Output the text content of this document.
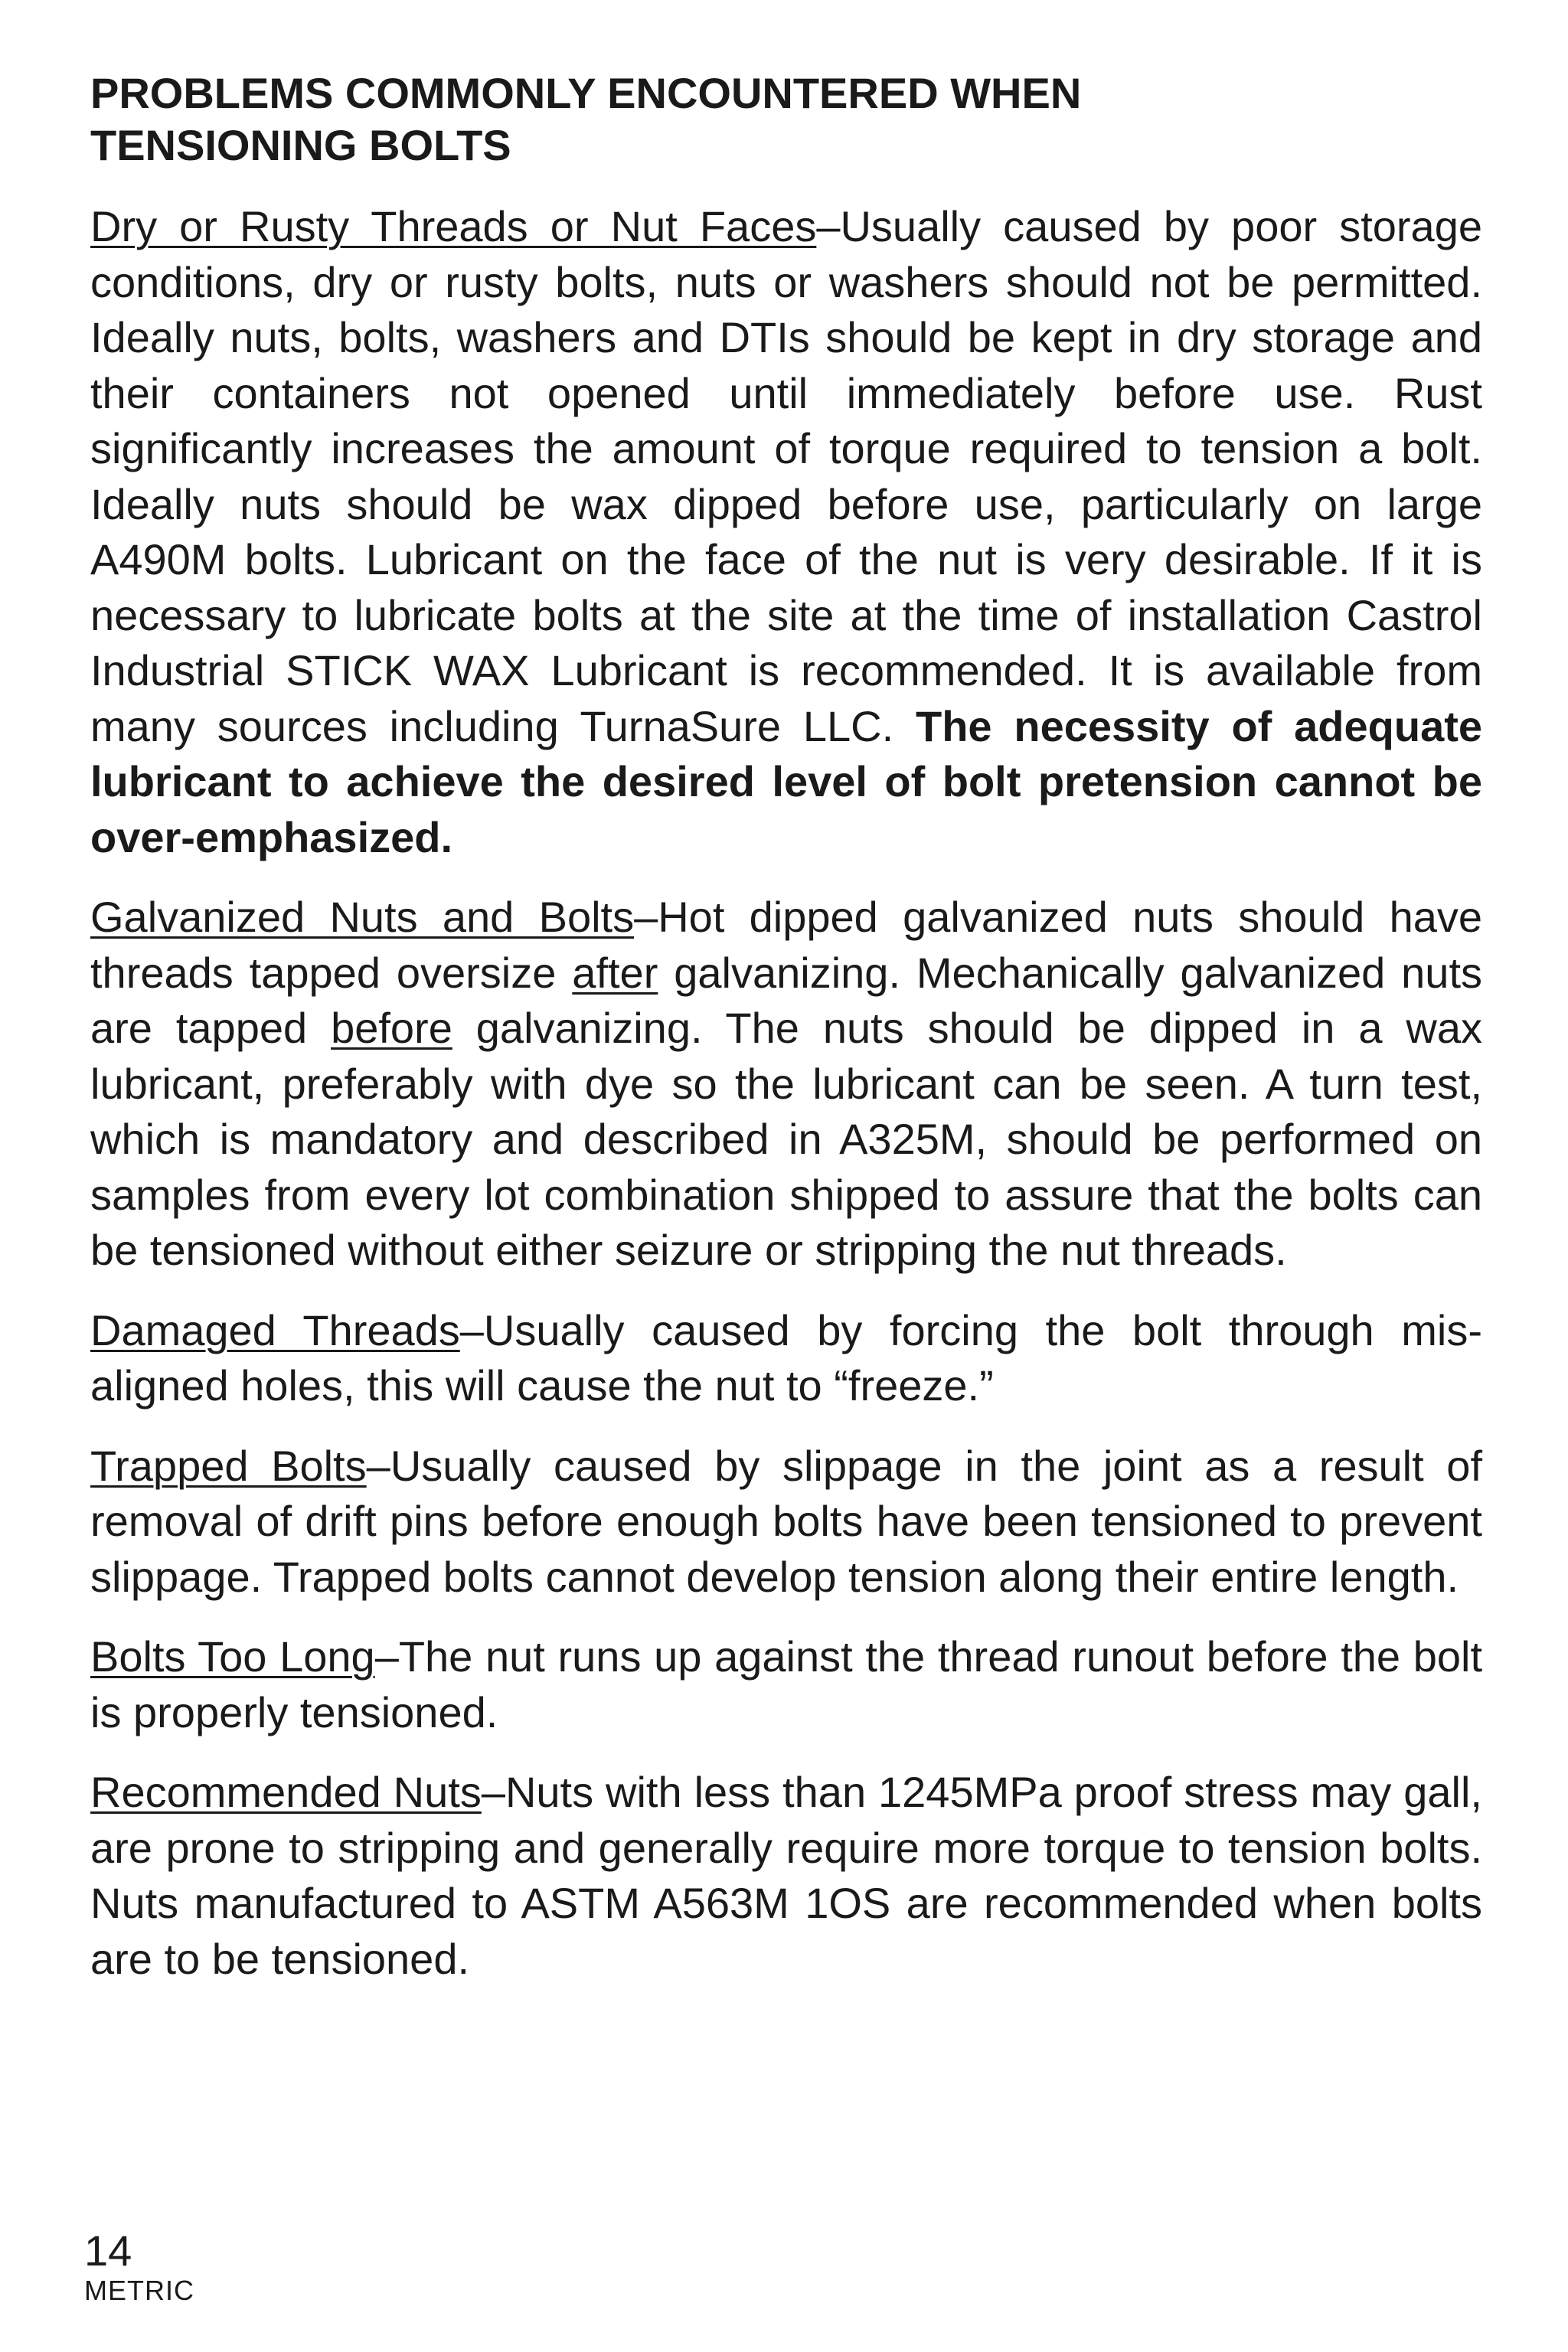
PROBLEMS COMMONLY ENCOUNTERED WHEN
TENSIONING BOLTS

Dry or Rusty Threads or Nut Faces–Usually caused by poor storage conditions, dry or rusty bolts, nuts or washers should not be permitted. Ideally nuts, bolts, washers and DTIs should be kept in dry storage and their containers not opened until immediately before use. Rust significantly increases the amount of torque required to tension a bolt. Ideally nuts should be wax dipped before use, particularly on large A490M bolts. Lubricant on the face of the nut is very desirable. If it is necessary to lubricate bolts at the site at the time of installation Castrol Industrial STICK WAX Lubricant is recommended. It is available from many sources including TurnaSure LLC. The necessity of adequate lubricant to achieve the desired level of bolt pretension cannot be over-emphasized.

Galvanized Nuts and Bolts–Hot dipped galvanized nuts should have threads tapped oversize after galvanizing. Mechanically galvanized nuts are tapped before galvanizing. The nuts should be dipped in a wax lubricant, preferably with dye so the lubricant can be seen. A turn test, which is mandatory and described in A325M, should be performed on samples from every lot combination shipped to assure that the bolts can be tensioned without either seizure or stripping the nut threads.

Damaged Threads–Usually caused by forcing the bolt through misaligned holes, this will cause the nut to “freeze.”

Trapped Bolts–Usually caused by slippage in the joint as a result of removal of drift pins before enough bolts have been tensioned to prevent slippage. Trapped bolts cannot develop tension along their entire length.

Bolts Too Long–The nut runs up against the thread runout before the bolt is properly tensioned.

Recommended Nuts–Nuts with less than 1245MPa proof stress may gall, are prone to stripping and generally require more torque to tension bolts. Nuts manufactured to ASTM A563M 1OS are recommended when bolts are to be tensioned.

14
METRIC
